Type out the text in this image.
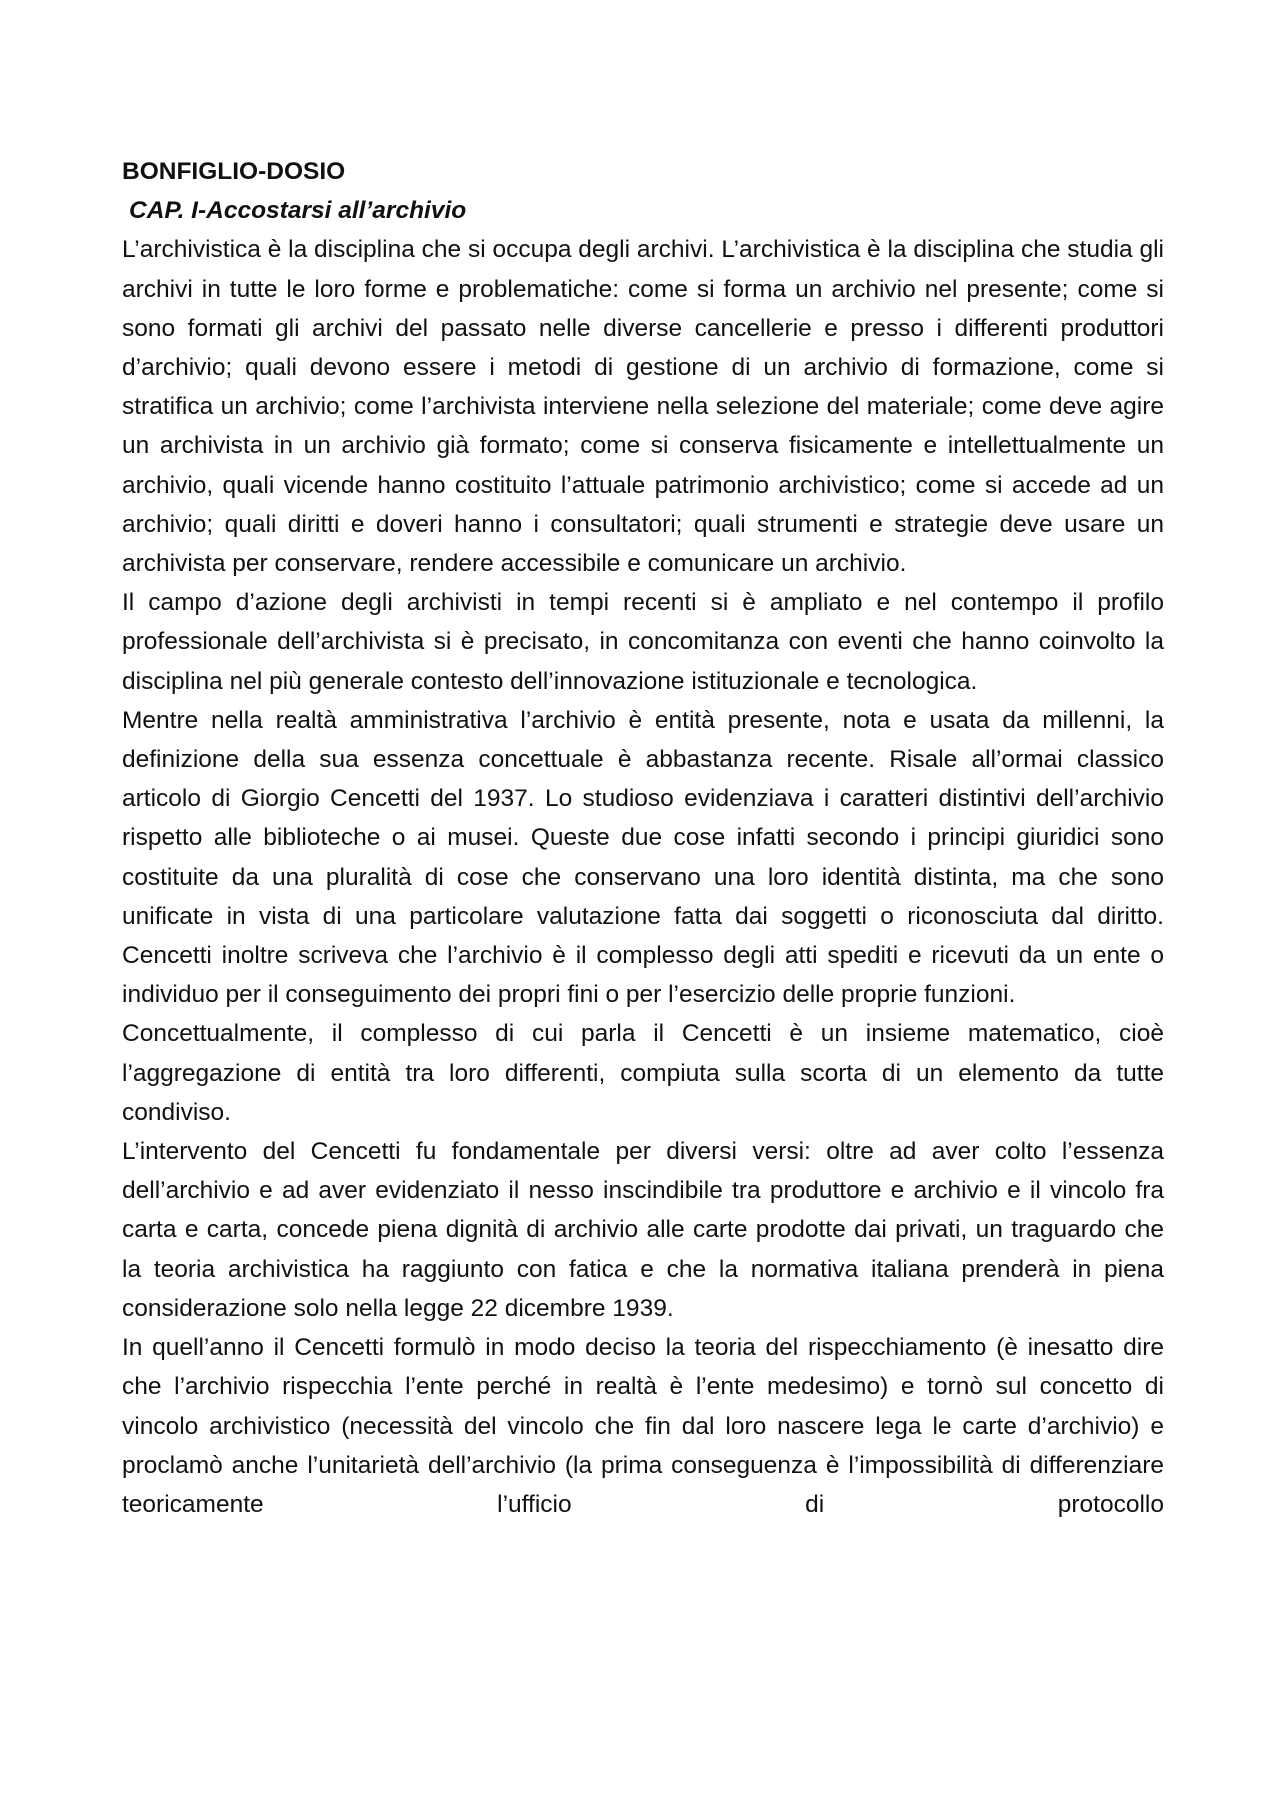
BONFIGLIO-DOSIO
CAP. I-Accostarsi all’archivio

L’archivistica è la disciplina che si occupa degli archivi. L’archivistica è la disciplina che studia gli archivi in tutte le loro forme e problematiche: come si forma un archivio nel presente; come si sono formati gli archivi del passato nelle diverse cancellerie e presso i differenti produttori d’archivio; quali devono essere i metodi di gestione di un archivio di formazione, come si stratifica un archivio; come l’archivista interviene nella selezione del materiale; come deve agire un archivista in un archivio già formato; come si conserva fisicamente e intellettualmente un archivio, quali vicende hanno costituito l’attuale patrimonio archivistico; come si accede ad un archivio; quali diritti e doveri hanno i consultatori; quali strumenti e strategie deve usare un archivista per conservare, rendere accessibile e comunicare un archivio.

Il campo d’azione degli archivisti in tempi recenti si è ampliato e nel contempo il profilo professionale dell’archivista si è precisato, in concomitanza con eventi che hanno coinvolto la disciplina nel più generale contesto dell’innovazione istituzionale e tecnologica.

Mentre nella realtà amministrativa l’archivio è entità presente, nota e usata da millenni, la definizione della sua essenza concettuale è abbastanza recente. Risale all’ormai classico articolo di Giorgio Cencetti del 1937. Lo studioso evidenziava i caratteri distintivi dell’archivio rispetto alle biblioteche o ai musei. Queste due cose infatti secondo i principi giuridici sono costituite da una pluralità di cose che conservano una loro identità distinta, ma che sono unificate in vista di una particolare valutazione fatta dai soggetti o riconosciuta dal diritto. Cencetti inoltre scriveva che l’archivio è il complesso degli atti spediti e ricevuti da un ente o individuo per il conseguimento dei propri fini o per l’esercizio delle proprie funzioni.

Concettualmente, il complesso di cui parla il Cencetti è un insieme matematico, cioè l’aggregazione di entità tra loro differenti, compiuta sulla scorta di un elemento da tutte condiviso.

L’intervento del Cencetti fu fondamentale per diversi versi: oltre ad aver colto l’essenza dell’archivio e ad aver evidenziato il nesso inscindibile tra produttore e archivio e il vincolo fra carta e carta, concede piena dignità di archivio alle carte prodotte dai privati, un traguardo che la teoria archivistica ha raggiunto con fatica e che la normativa italiana prenderà in piena considerazione solo nella legge 22 dicembre 1939.

In quell’anno il Cencetti formulò in modo deciso la teoria del rispecchiamento (è inesatto dire che l’archivio rispecchia l’ente perché in realtà è l’ente medesimo) e tornò sul concetto di vincolo archivistico (necessità del vincolo che fin dal loro nascere lega le carte d’archivio) e proclamò anche l’unitarietà dell’archivio (la prima conseguenza è l’impossibilità di differenziare teoricamente l’ufficio di protocollo
